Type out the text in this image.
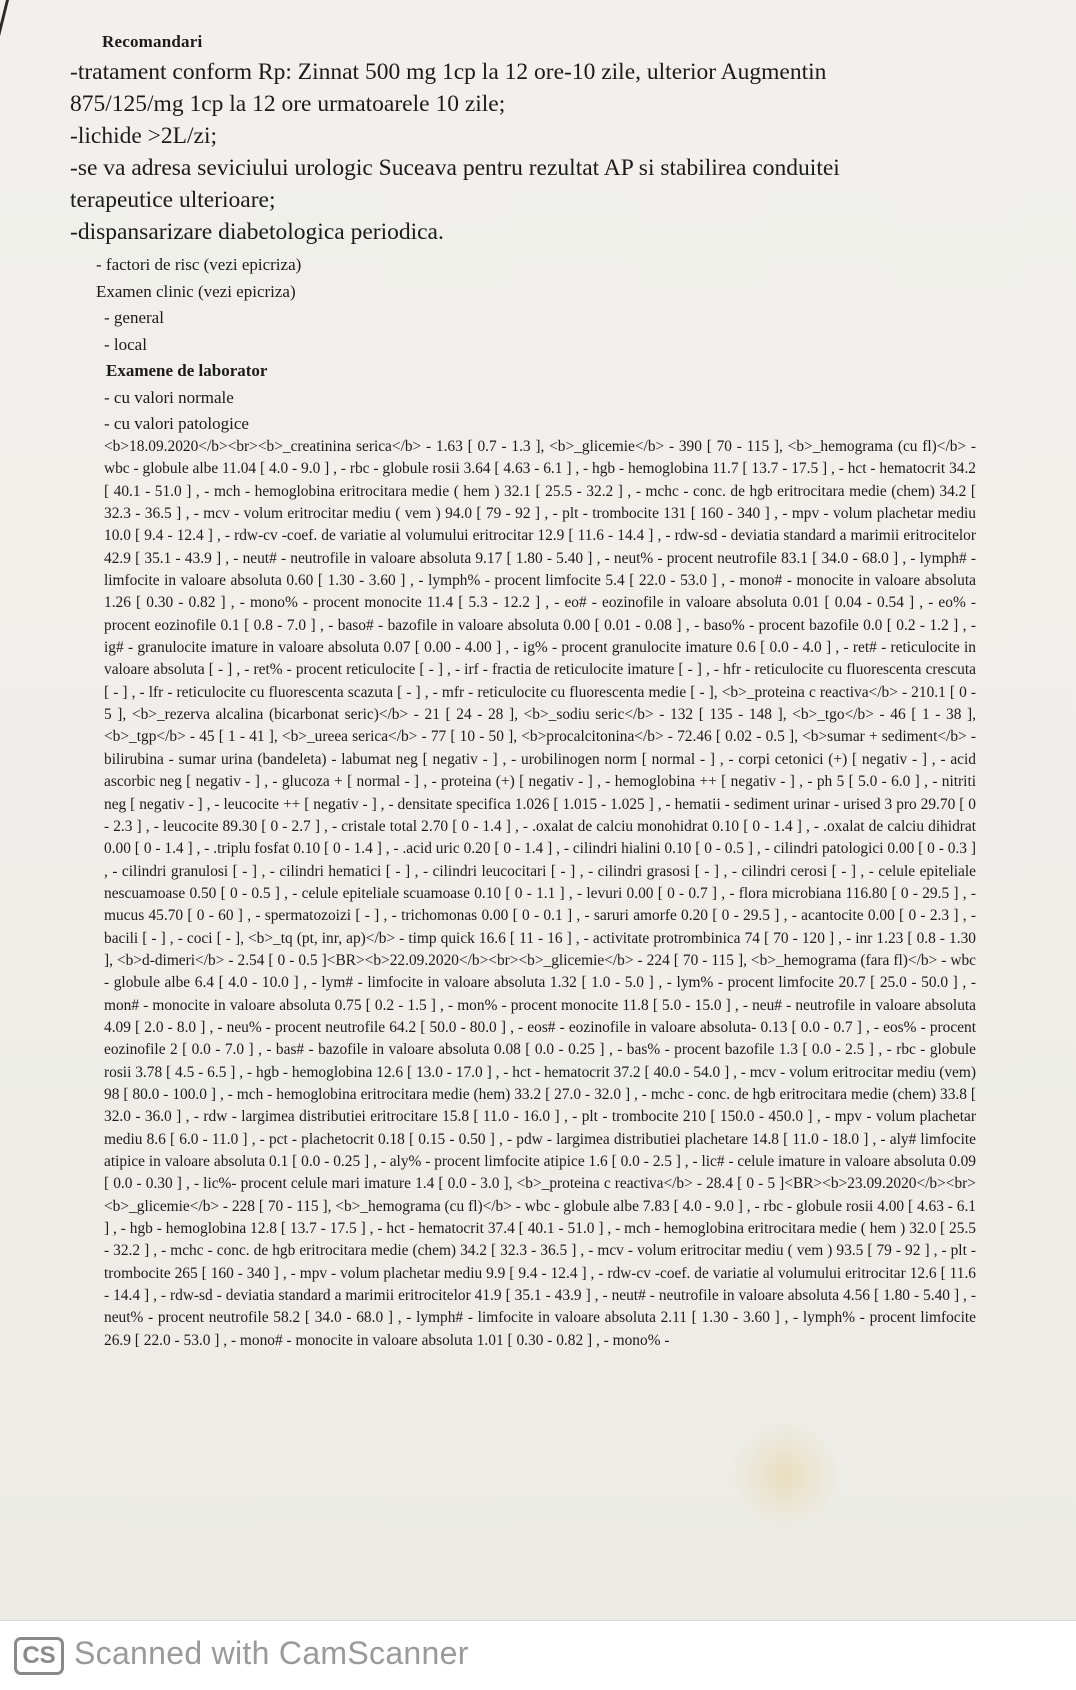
Recomandari

-tratament conform Rp: Zinnat 500 mg 1cp la 12 ore-10 zile, ulterior Augmentin

875/125/mg 1cp la 12 ore urmatoarele 10 zile;

-lichide >2L/zi;

-se va adresa seviciului urologic Suceava pentru rezultat AP si stabilirea conduitei

terapeutice ulterioare;

-dispansarizare diabetologica periodica.

- factori de risc (vezi epicriza)

Examen clinic (vezi epicriza)

- general

- local

Examene de laborator

- cu valori normale

- cu valori patologice

<b>18.09.2020</b><br><b>_creatinina serica</b> - 1.63 [ 0.7 - 1.3 ], <b>_glicemie</b> - 390 [ 70 - 115 ], <b>_hemograma (cu fl)</b> - wbc - globule albe 11.04 [ 4.0 - 9.0 ] , - rbc - globule rosii 3.64 [ 4.63 - 6.1 ] , - hgb - hemoglobina 11.7 [ 13.7 - 17.5 ] , - hct - hematocrit 34.2 [ 40.1 - 51.0 ] , - mch - hemoglobina eritrocitara medie ( hem ) 32.1 [ 25.5 - 32.2 ] , - mchc - conc. de hgb eritrocitara medie (chem) 34.2 [ 32.3 - 36.5 ] , - mcv - volum eritrocitar mediu ( vem ) 94.0 [ 79 - 92 ] , - plt - trombocite 131 [ 160 - 340 ] , - mpv - volum plachetar mediu 10.0 [ 9.4 - 12.4 ] , - rdw-cv -coef. de variatie al volumului eritrocitar 12.9 [ 11.6 - 14.4 ] , - rdw-sd - deviatia standard a marimii eritrocitelor 42.9 [ 35.1 - 43.9 ] , - neut# - neutrofile in valoare absoluta 9.17 [ 1.80 - 5.40 ] , - neut% - procent neutrofile 83.1 [ 34.0 - 68.0 ] , - lymph# - limfocite in valoare absoluta 0.60 [ 1.30 - 3.60 ] , - lymph% - procent limfocite 5.4 [ 22.0 - 53.0 ] , - mono# - monocite in valoare absoluta 1.26 [ 0.30 - 0.82 ] , - mono% - procent monocite 11.4 [ 5.3 - 12.2 ] , - eo# - eozinofile in valoare absoluta 0.01 [ 0.04 - 0.54 ] , - eo% - procent eozinofile 0.1 [ 0.8 - 7.0 ] , - baso# - bazofile in valoare absoluta 0.00 [ 0.01 - 0.08 ] , - baso% - procent bazofile 0.0 [ 0.2 - 1.2 ] , - ig# - granulocite imature in valoare absoluta 0.07 [ 0.00 - 4.00 ] , - ig% - procent granulocite imature 0.6 [ 0.0 - 4.0 ] , - ret# - reticulocite in valoare absoluta [ - ] , - ret% - procent reticulocite [ - ] , - irf - fractia de reticulocite imature [ - ] , - hfr - reticulocite cu fluorescenta crescuta [ - ] , - lfr - reticulocite cu fluorescenta scazuta [ - ] , - mfr - reticulocite cu fluorescenta medie [ - ], <b>_proteina c reactiva</b> - 210.1 [ 0 - 5 ], <b>_rezerva alcalina (bicarbonat seric)</b> - 21 [ 24 - 28 ], <b>_sodiu seric</b> - 132 [ 135 - 148 ], <b>_tgo</b> - 46 [ 1 - 38 ], <b>_tgp</b> - 45 [ 1 - 41 ], <b>_ureea serica</b> - 77 [ 10 - 50 ], <b>procalcitonina</b> - 72.46 [ 0.02 - 0.5 ], <b>sumar + sediment</b> - bilirubina - sumar urina (bandeleta) - labumat neg [ negativ - ] , - urobilinogen norm [ normal - ] , - corpi cetonici (+) [ negativ - ] , - acid ascorbic neg [ negativ - ] , - glucoza + [ normal - ] , - proteina (+) [ negativ - ] , - hemoglobina ++ [ negativ - ] , - ph 5 [ 5.0 - 6.0 ] , - nitriti neg [ negativ - ] , - leucocite ++ [ negativ - ] , - densitate specifica 1.026 [ 1.015 - 1.025 ] , - hematii - sediment urinar - urised 3 pro 29.70 [ 0 - 2.3 ] , - leucocite 89.30 [ 0 - 2.7 ] , - cristale total 2.70 [ 0 - 1.4 ] , - .oxalat de calciu monohidrat 0.10 [ 0 - 1.4 ] , - .oxalat de calciu dihidrat 0.00 [ 0 - 1.4 ] , - .triplu fosfat 0.10 [ 0 - 1.4 ] , - .acid uric 0.20 [ 0 - 1.4 ] , - cilindri hialini 0.10 [ 0 - 0.5 ] , - cilindri patologici 0.00 [ 0 - 0.3 ] , - cilindri granulosi [ - ] , - cilindri hematici [ - ] , - cilindri leucocitari [ - ] , - cilindri grasosi [ - ] , - cilindri cerosi [ - ] , - celule epiteliale nescuamoase 0.50 [ 0 - 0.5 ] , - celule epiteliale scuamoase 0.10 [ 0 - 1.1 ] , - levuri 0.00 [ 0 - 0.7 ] , - flora microbiana 116.80 [ 0 - 29.5 ] , - mucus 45.70 [ 0 - 60 ] , - spermatozoizi [ - ] , - trichomonas 0.00 [ 0 - 0.1 ] , - saruri amorfe 0.20 [ 0 - 29.5 ] , - acantocite 0.00 [ 0 - 2.3 ] , - bacili [ - ] , - coci [ - ], <b>_tq (pt, inr, ap)</b> - timp quick 16.6 [ 11 - 16 ] , - activitate protrombinica 74 [ 70 - 120 ] , - inr 1.23 [ 0.8 - 1.30 ], <b>d-dimeri</b> - 2.54 [ 0 - 0.5 ]<BR><b>22.09.2020</b><br><b>_glicemie</b> - 224 [ 70 - 115 ], <b>_hemograma (fara fl)</b> - wbc - globule albe 6.4 [ 4.0 - 10.0 ] , - lym# - limfocite in valoare absoluta 1.32 [ 1.0 - 5.0 ] , - lym% - procent limfocite 20.7 [ 25.0 - 50.0 ] , - mon# - monocite in valoare absoluta 0.75 [ 0.2 - 1.5 ] , - mon% - procent monocite 11.8 [ 5.0 - 15.0 ] , - neu# - neutrofile in valoare absoluta 4.09 [ 2.0 - 8.0 ] , - neu% - procent neutrofile 64.2 [ 50.0 - 80.0 ] , - eos# - eozinofile in valoare absoluta- 0.13 [ 0.0 - 0.7 ] , - eos% - procent eozinofile 2 [ 0.0 - 7.0 ] , - bas# - bazofile in valoare absoluta 0.08 [ 0.0 - 0.25 ] , - bas% - procent bazofile 1.3 [ 0.0 - 2.5 ] , - rbc - globule rosii 3.78 [ 4.5 - 6.5 ] , - hgb - hemoglobina 12.6 [ 13.0 - 17.0 ] , - hct - hematocrit 37.2 [ 40.0 - 54.0 ] , - mcv - volum eritrocitar mediu (vem) 98 [ 80.0 - 100.0 ] , - mch - hemoglobina eritrocitara medie (hem) 33.2 [ 27.0 - 32.0 ] , - mchc - conc. de hgb eritrocitara medie (chem) 33.8 [ 32.0 - 36.0 ] , - rdw - largimea distributiei eritrocitare 15.8 [ 11.0 - 16.0 ] , - plt - trombocite 210 [ 150.0 - 450.0 ] , - mpv - volum plachetar mediu 8.6 [ 6.0 - 11.0 ] , - pct - plachetocrit 0.18 [ 0.15 - 0.50 ] , - pdw - largimea distributiei plachetare 14.8 [ 11.0 - 18.0 ] , - aly# limfocite atipice in valoare absoluta 0.1 [ 0.0 - 0.25 ] , - aly% - procent limfocite atipice 1.6 [ 0.0 - 2.5 ] , - lic# - celule imature in valoare absoluta 0.09 [ 0.0 - 0.30 ] , - lic%- procent celule mari imature 1.4 [ 0.0 - 3.0 ], <b>_proteina c reactiva</b> - 28.4 [ 0 - 5 ]<BR><b>23.09.2020</b><br><b>_glicemie</b> - 228 [ 70 - 115 ], <b>_hemograma (cu fl)</b> - wbc - globule albe 7.83 [ 4.0 - 9.0 ] , - rbc - globule rosii 4.00 [ 4.63 - 6.1 ] , - hgb - hemoglobina 12.8 [ 13.7 - 17.5 ] , - hct - hematocrit 37.4 [ 40.1 - 51.0 ] , - mch - hemoglobina eritrocitara medie ( hem ) 32.0 [ 25.5 - 32.2 ] , - mchc - conc. de hgb eritrocitara medie (chem) 34.2 [ 32.3 - 36.5 ] , - mcv - volum eritrocitar mediu ( vem ) 93.5 [ 79 - 92 ] , - plt - trombocite 265 [ 160 - 340 ] , - mpv - volum plachetar mediu 9.9 [ 9.4 - 12.4 ] , - rdw-cv -coef. de variatie al volumului eritrocitar 12.6 [ 11.6 - 14.4 ] , - rdw-sd - deviatia standard a marimii eritrocitelor 41.9 [ 35.1 - 43.9 ] , - neut# - neutrofile in valoare absoluta 4.56 [ 1.80 - 5.40 ] , - neut% - procent neutrofile 58.2 [ 34.0 - 68.0 ] , - lymph# - limfocite in valoare absoluta 2.11 [ 1.30 - 3.60 ] , - lymph% - procent limfocite 26.9 [ 22.0 - 53.0 ] , - mono# - monocite in valoare absoluta 1.01 [ 0.30 - 0.82 ] , - mono% -
CS Scanned with CamScanner
